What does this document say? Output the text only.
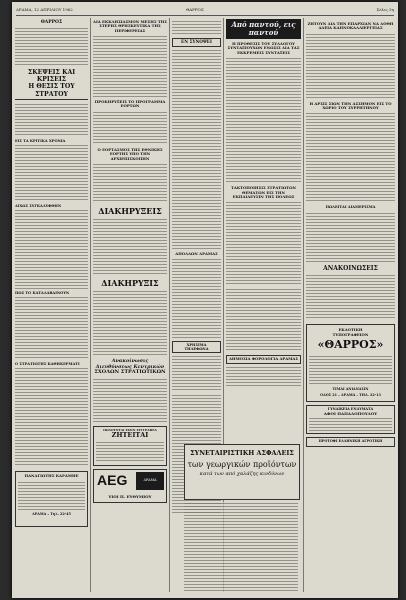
ΔΡΑΜΑ, 12 ΑΠΡΙΛΙΟΥ 1962	ΘΑΡΡΟΣ	Σελις 3η
ΘΑΡΡΟΣ
ΣΚΕΨΕΙΣ ΚΑΙ ΚΡΙΣΕΙΣ
Η ΘΕΣΙΣ ΤΟΥ ΣΤΡΑΤΟΥ
ΕΙΣ ΤΑ ΚΡΙΤΙΚΑ ΧΡΟΝΙΑ
ΔΙΧΩΣ ΣΥΓΚΑΛΥΦΘΗΝ
ΠΩΣ ΤΟ ΚΑΤΑΛΑΒΑΙΝΟΥΝ
Ο ΣΤΡΑΤΙΩΤΗΣ ΚΑΘΗΚΕΡΜΑΤΙ
ΠΑΝΑΓΙΩΤΗΣ ΚΑΡΑΜΗΕ
ΔΡΑΜΑ – Τηλ. 22-45
ΔΙΑ ΕΚΚΛΗΣΙΑΣΜΟΝ ΜΕΣΗΣ ΤΗΣ ΣΤΕΡΗΣ ΘΡΗΣΚΕΥΤΙΚΑ ΤΗΣ ΠΕΡΙΦΕΡΕΙΑΣ
ΠΡΟΚΗΡΥΞΕΙΣ ΤΟ ΠΡΟΓΡΑΜΜΑ ΕΟΡΤΩΝ
Ο ΕΟΡΤΑΣΜΟΣ ΤΗΣ ΕΘΝΙΚΗΣ ΕΟΡΤΗΣ ΥΠΟ ΤΗΝ ΑΡΧΙΕΠΙΣΚΟΠΗΝ
ΔΙΑΚΗΡΥΞΕΙΣ
ΔΙΑΚΗΡΥΞΙΣ
Ανακοίνωσις
Διευθύνσεως Κεντρικών
ΣΧΟΛΩΝ ΣΤΡΑΤΙΩΤΙΚΩΝ
ΠΩΛΟΥΝΤΑΙ ΕΙΣΙΝ ΣΥΓΓΡΑΦΕΑ
ΖΗΤΕΙΤΑΙ
AEG	ΔΡΑΜΑ
ΥΙΟΙ Π. ΕΥΘΥΜΙΟΥ
ΕΝ ΣΥΝΟΨΕΙ
ΑΠΟΛΛΩΝ ΔΡΑΜΑΣ
ΧΡΗΣΙΜΑ ΤΗΛΕΦΩΝΑ
Από παντού, εις παντού
Η ΠΡΟΘΕΣΙΣ ΤΟΥ ΣΥΛΛΟΓΟΥ ΣΥΝΤΑΞΙΟΥΧΩΝ ΕΝΩΣΙΣ ΔΙΑ ΤΑΣ ΕΚΚΡΕΜΕΙΣ ΣΥΝΤΑΞΕΙΣ
ΤΑΚΤΟΠΟΙΗΣΙΣ ΣΤΡΑΤΙΩΤΩΝ ΘΕΜΑΤΩΝ ΕΙΣ ΤΗΝ ΕΚΠΑΙΔΕΥΣΙΝ ΤΗΣ ΠΟΛΕΩΣ
ΔΗΜΟΣΙΑ ΦΟΡΟΛΟΓΙΑ ΔΡΑΜΑΣ
ΣΥΝΕΤΑΙΡΙΣΤΙΚΗ ΑΣΦΑΛΕΙΣ
των γεωργικών προϊόντων
κατά των από χαλάζης κινδύνων
ΖΗΤΟΥΝ ΔΙΑ ΤΗΝ ΕΠΑΡΧΙΑΝ ΝΑ ΔΟΘΗ ΑΔΕΙΑ ΚΑΠΝΟΚΑΛΛΙΕΡΓΕΙΑΣ
Η ΑΡΣΙΣ ΣΙΩΝ ΤΗΝ ΑΣΣΗΜΟΝ ΕΙΣ ΤΟ ΧΩΡΙΟ ΤΟΥ ΣΥΡΡΗΤΗΝΟΥ
ΠΩΛΕΙΤΑΙ ΔΙΑΜΕΡΙΣΜΑ
ΑΝΑΚΟΙΝΩΣΕΙΣ
ΕΚΔΟΤΙΚΗ
ΤΥΠΟΓΡΑΦΕΙΟΝ
«ΘΑΡΡΟΣ»
ΤΙΜΑΙ ΑΝΙΑΝΑΣΙΝ
ΟΔΟΣ 21 – ΔΡΑΜΑ – ΤΗΛ. 22-13
ΓΥΝΑΙΚΕΙΑ ΕΝΔΥΜΑΤΑ
ΑΦΟΙ ΠΑΠΑΔΟΠΟΥΛΟΥ
ΠΡΟΤΟΦΙ ΕΛΛΗΝΙΚΗ ΑΓΡΟΤΙΚΗ
